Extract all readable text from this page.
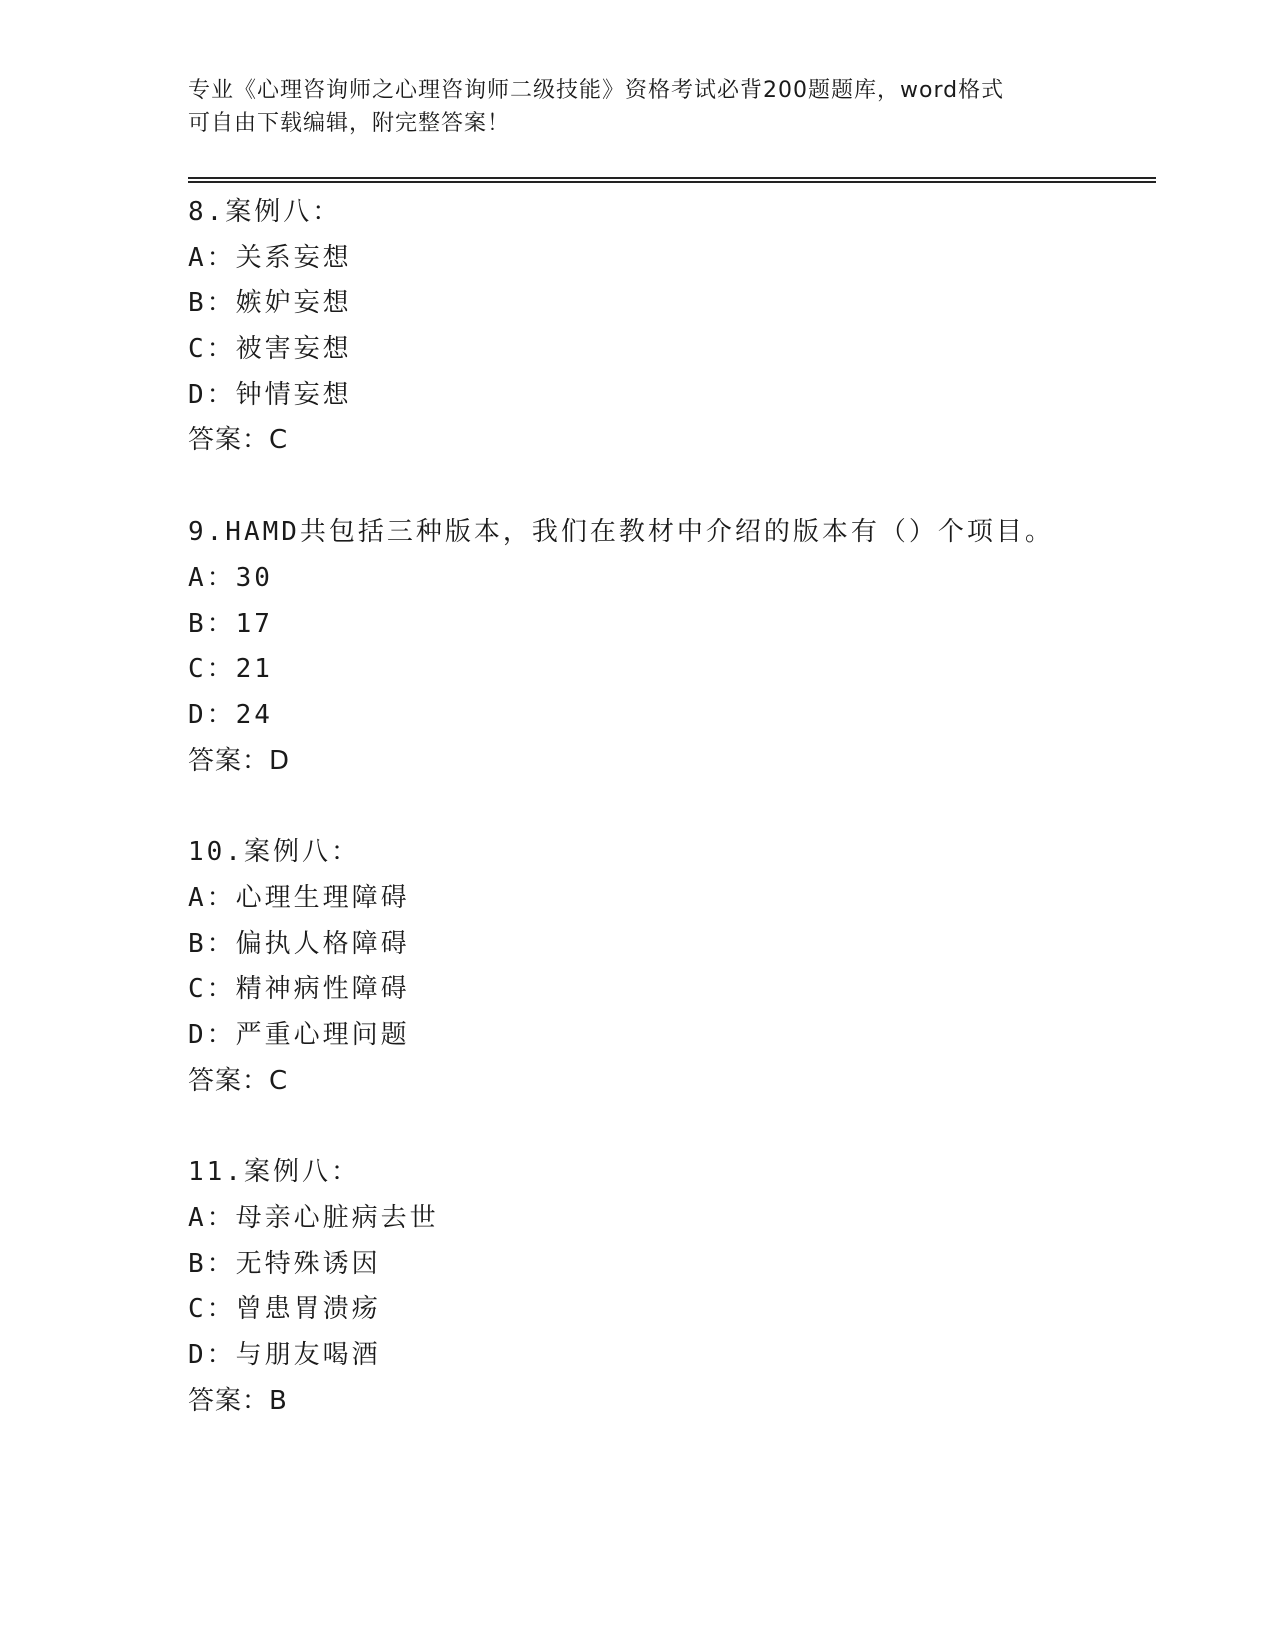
专业《心理咨询师之心理咨询师二级技能》资格考试必背200题题库，word格式
可自由下载编辑，附完整答案！
8.案例八：
A：关系妄想
B：嫉妒妄想
C：被害妄想
D：钟情妄想
答案：C
9.HAMD共包括三种版本，我们在教材中介绍的版本有（）个项目。
A：30
B：17
C：21
D：24
答案：D
10.案例八：
A：心理生理障碍
B：偏执人格障碍
C：精神病性障碍
D：严重心理问题
答案：C
11.案例八：
A：母亲心脏病去世
B：无特殊诱因
C：曾患胃溃疡
D：与朋友喝酒
答案：B
